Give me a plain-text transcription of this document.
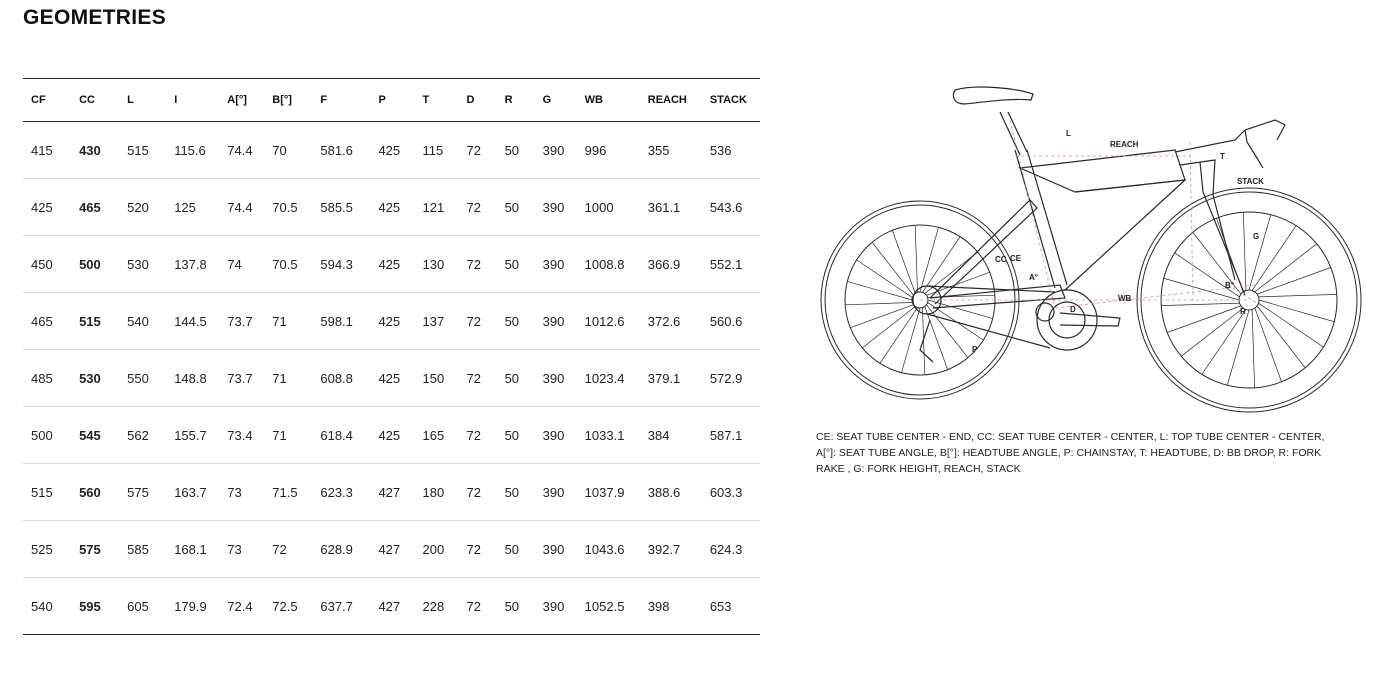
GEOMETRIES
CF	CC	L	I	A[°]	B[°]	F	P	T	D	R	G	WB	REACH	STACK
415	430	515	115.6	74.4	70	581.6	425	115	72	50	390	996	355	536
425	465	520	125	74.4	70.5	585.5	425	121	72	50	390	1000	361.1	543.6
450	500	530	137.8	74	70.5	594.3	425	130	72	50	390	1008.8	366.9	552.1
465	515	540	144.5	73.7	71	598.1	425	137	72	50	390	1012.6	372.6	560.6
485	530	550	148.8	73.7	71	608.8	425	150	72	50	390	1023.4	379.1	572.9
500	545	562	155.7	73.4	71	618.4	425	165	72	50	390	1033.1	384	587.1
515	560	575	163.7	73	71.5	623.3	427	180	72	50	390	1037.9	388.6	603.3
525	575	585	168.1	73	72	628.9	427	200	72	50	390	1043.6	392.7	624.3
540	595	605	179.9	72.4	72.5	637.7	427	228	72	50	390	1052.5	398	653
L
REACH
T
STACK
G
CC CE
A°
WB
D
B°
R
P

CE: SEAT TUBE CENTER - END, CC: SEAT TUBE CENTER - CENTER, L: TOP TUBE CENTER - CENTER, A[°]: SEAT TUBE ANGLE, B[°]: HEADTUBE ANGLE, P: CHAINSTAY, T: HEADTUBE, D: BB DROP, R: FORK RAKE , G: FORK HEIGHT, REACH, STACK
